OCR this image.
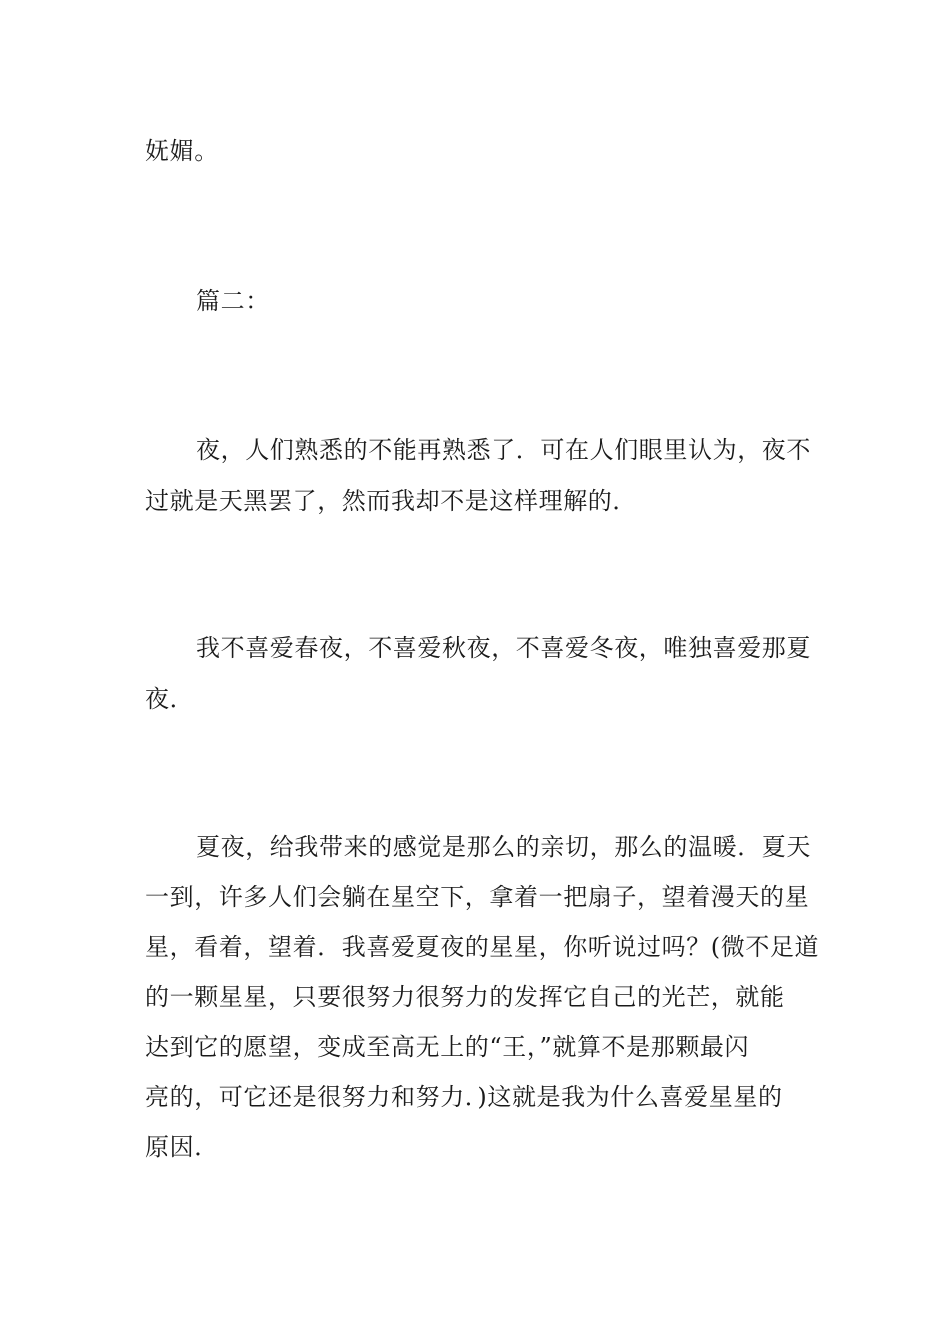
妩媚。
篇二：
夜，人们熟悉的不能再熟悉了．可在人们眼里认为，夜不
过就是天黑罢了，然而我却不是这样理解的．
我不喜爱春夜，不喜爱秋夜，不喜爱冬夜，唯独喜爱那夏
夜．
夏夜，给我带来的感觉是那么的亲切，那么的温暖．夏天
一到，许多人们会躺在星空下，拿着一把扇子，望着漫天的星
星，看着，望着．我喜爱夏夜的星星，你听说过吗？(微不足道
的一颗星星，只要很努力很努力的发挥它自己的光芒，就能
达到它的愿望，变成至高无上的“王，”就算不是那颗最闪
亮的，可它还是很努力和努力．)这就是我为什么喜爱星星的
原因．
